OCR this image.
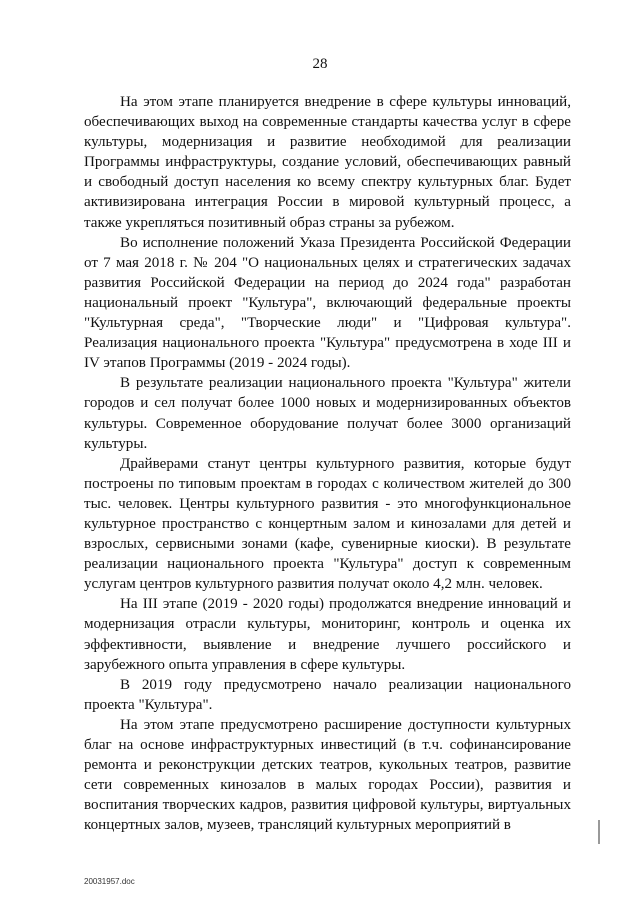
28

На этом этапе планируется внедрение в сфере культуры инноваций, обеспечивающих выход на современные стандарты качества услуг в сфере культуры, модернизация и развитие необходимой для реализации Программы инфраструктуры, создание условий, обеспечивающих равный и свободный доступ населения ко всему спектру культурных благ. Будет активизирована интеграция России в мировой культурный процесс, а также укрепляться позитивный образ страны за рубежом.

Во исполнение положений Указа Президента Российской Федерации от 7 мая 2018 г. № 204 "О национальных целях и стратегических задачах развития Российской Федерации на период до 2024 года" разработан национальный проект "Культура", включающий федеральные проекты "Культурная среда", "Творческие люди" и "Цифровая культура". Реализация национального проекта "Культура" предусмотрена в ходе III и IV этапов Программы (2019 - 2024 годы).

В результате реализации национального проекта "Культура" жители городов и сел получат более 1000 новых и модернизированных объектов культуры. Современное оборудование получат более 3000 организаций культуры.

Драйверами станут центры культурного развития, которые будут построены по типовым проектам в городах с количеством жителей до 300 тыс. человек. Центры культурного развития - это многофункциональное культурное пространство с концертным залом и кинозалами для детей и взрослых, сервисными зонами (кафе, сувенирные киоски). В результате реализации национального проекта "Культура" доступ к современным услугам центров культурного развития получат около 4,2 млн. человек.

На III этапе (2019 - 2020 годы) продолжатся внедрение инноваций и модернизация отрасли культуры, мониторинг, контроль и оценка их эффективности, выявление и внедрение лучшего российского и зарубежного опыта управления в сфере культуры.

В 2019 году предусмотрено начало реализации национального проекта "Культура".

На этом этапе предусмотрено расширение доступности культурных благ на основе инфраструктурных инвестиций (в т.ч. софинансирование ремонта и реконструкции детских театров, кукольных театров, развитие сети современных кинозалов в малых городах России), развития и воспитания творческих кадров, развития цифровой культуры, виртуальных концертных залов, музеев, трансляций культурных мероприятий в

20031957.doc
